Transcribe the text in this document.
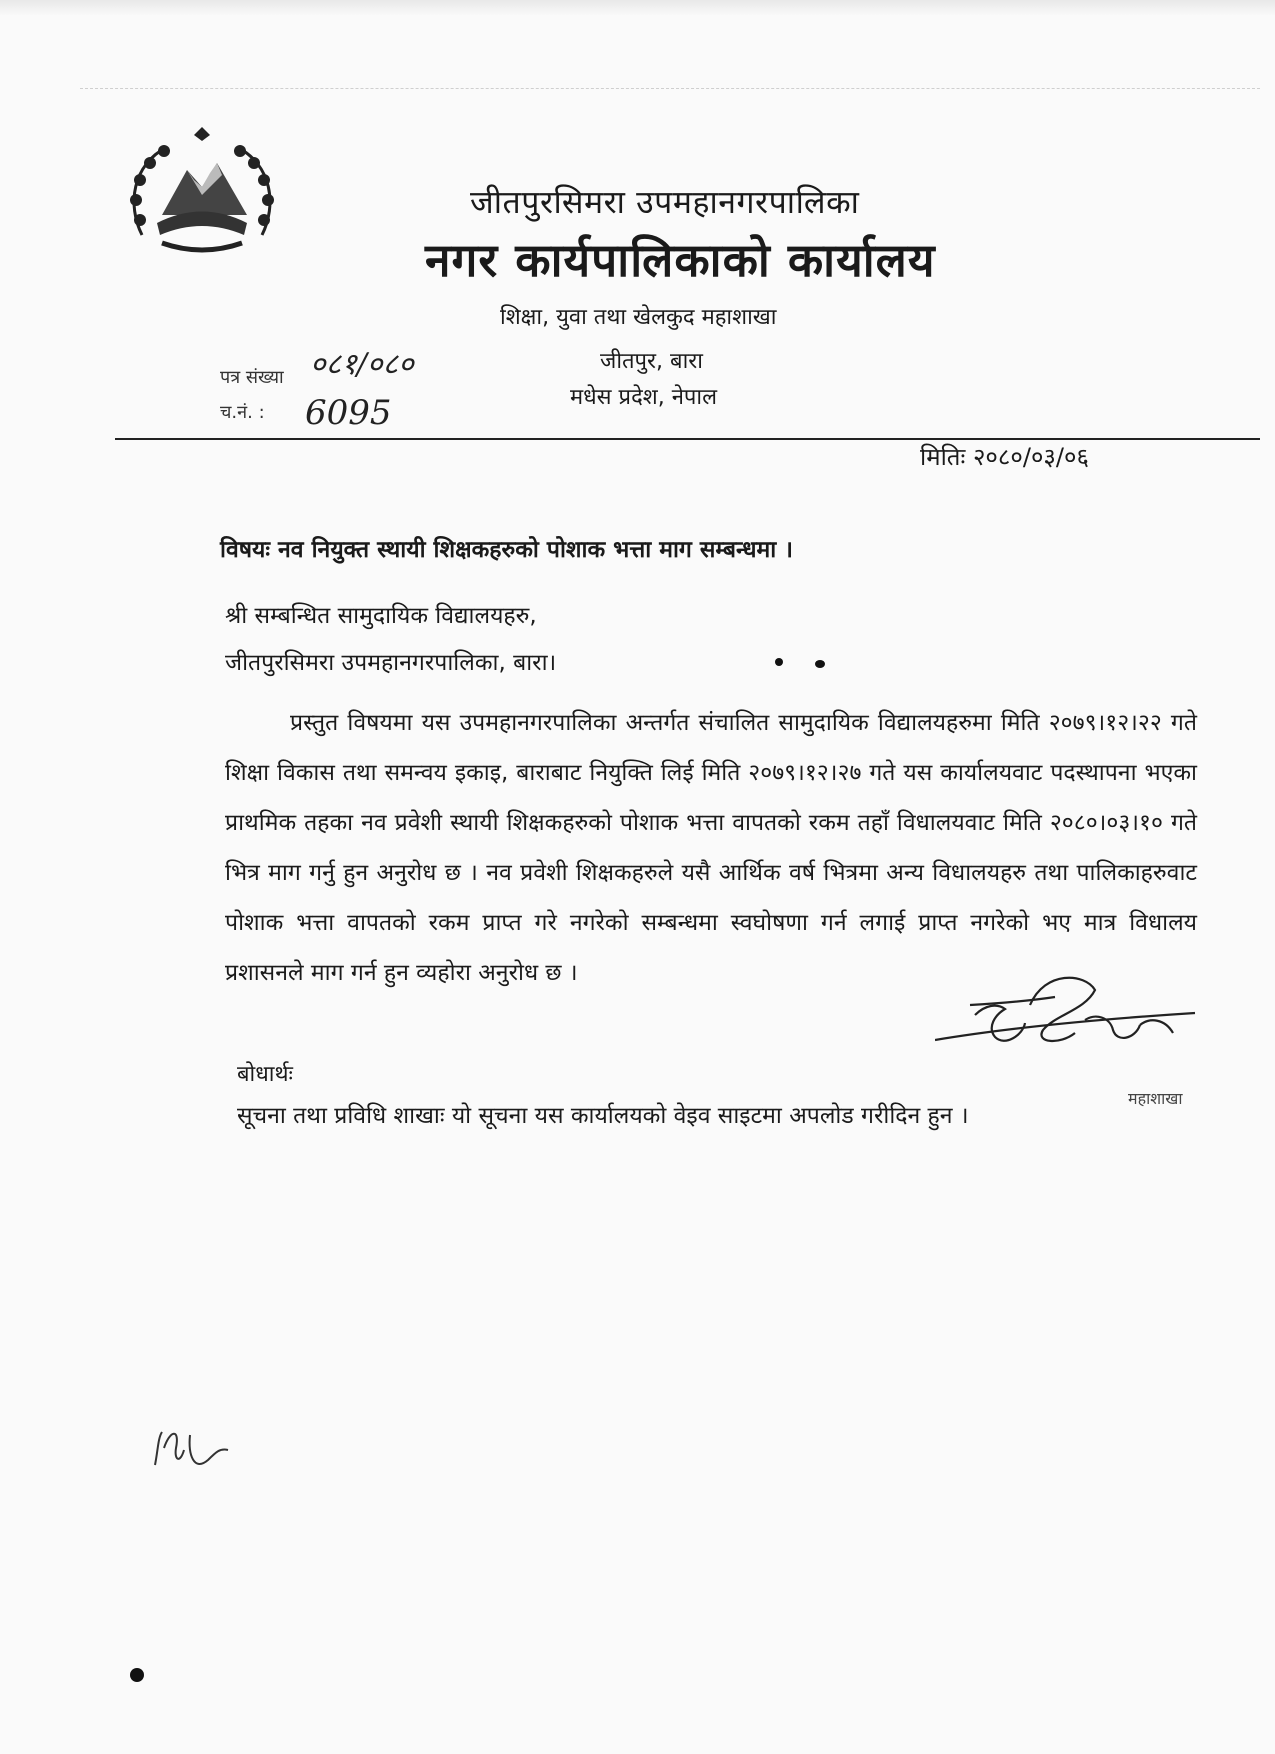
जीतपुरसिमरा उपमहानगरपालिका
नगर कार्यपालिकाको कार्यालय
शिक्षा, युवा तथा खेलकुद महाशाखा
जीतपुर, बारा
मधेस प्रदेश, नेपाल
पत्र संख्या ०८१/०८०
च.नं. : 6095
मितिः २०८०/०३/०६
विषयः नव नियुक्त स्थायी शिक्षकहरुको पोशाक भत्ता माग सम्बन्धमा ।
श्री सम्बन्धित सामुदायिक विद्यालयहरु,
जीतपुरसिमरा उपमहानगरपालिका, बारा।

प्रस्तुत विषयमा यस उपमहानगरपालिका अन्तर्गत संचालित सामुदायिक विद्यालयहरुमा मिति २०७९।१२।२२ गते शिक्षा विकास तथा समन्वय इकाइ, बाराबाट नियुक्ति लिई मिति २०७९।१२।२७ गते यस कार्यालयवाट पदस्थापना भएका प्राथमिक तहका नव प्रवेशी स्थायी शिक्षकहरुको पोशाक भत्ता वापतको रकम तहाँ विधालयवाट मिति २०८०।०३।१० गते भित्र माग गर्नु हुन अनुरोध छ । नव प्रवेशी शिक्षकहरुले यसै आर्थिक वर्ष भित्रमा अन्य विधालयहरु तथा पालिकाहरुवाट पोशाक भत्ता वापतको रकम प्राप्त गरे नगरेको सम्बन्धमा स्वघोषणा गर्न लगाई प्राप्त नगरेको भए मात्र विधालय प्रशासनले माग गर्न हुन व्यहोरा अनुरोध छ ।

बोधार्थः
सूचना तथा प्रविधि शाखाः यो सूचना यस कार्यालयको वेइव साइटमा अपलोड गरीदिन हुन ।
महाशाखा
